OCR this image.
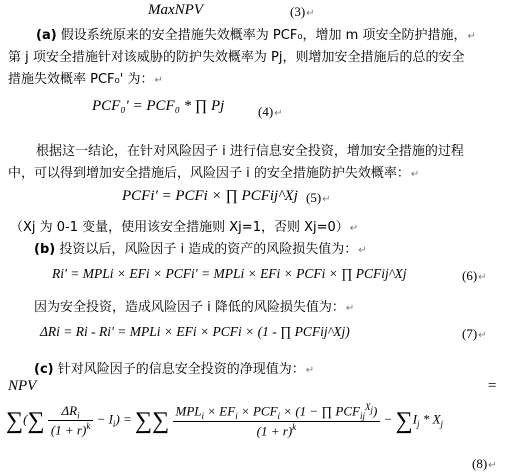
MaxNPV	(3)↵
(a) 假设系统原来的安全措施失效概率为 PCF₀，增加 m 项安全防护措施，↵
第 j 项安全措施针对该威胁的防护失效概率为 Pj，则增加安全措施后的总的安全
措施失效概率 PCF₀' 为：↵
PCF₀' = PCF₀ * ∏ Pj	(4)↵
根据这一结论，在针对风险因子 i 进行信息安全投资，增加安全措施的过程
中，可以得到增加安全措施后，风险因子 i 的安全措施防护失效概率：↵
PCFi' = PCFi × ∏ PCFij^Xj (5)↵
（Xj 为 0-1 变量，使用该安全措施则 Xj=1，否则 Xj=0）↵
(b) 投资以后，风险因子 i 造成的资产的风险损失值为：↵
Ri' = MPLi × EFi × PCFi' = MPLi × EFi × PCFi × ∏ PCFij^Xj	(6)↵
因为安全投资，造成风险因子 i 降低的风险损失值为：↵
ΔRi = Ri - Ri' = MPLi × EFi × PCFi × (1 - ∏ PCFij^Xj)	(7)↵
(c) 针对风险因子的信息安全投资的净现值为：↵
NPV	=
∑(∑ $\frac{\Delta R_i}{(1 + r)^k} - I_i$) = ∑∑ $\frac{MPL_i \times EF_i \times PCF_i \times (1 - \prod PCF_{ij}^{X_j})}{(1 + r)^k} - \sum I_j * X_j$
(8)↵
